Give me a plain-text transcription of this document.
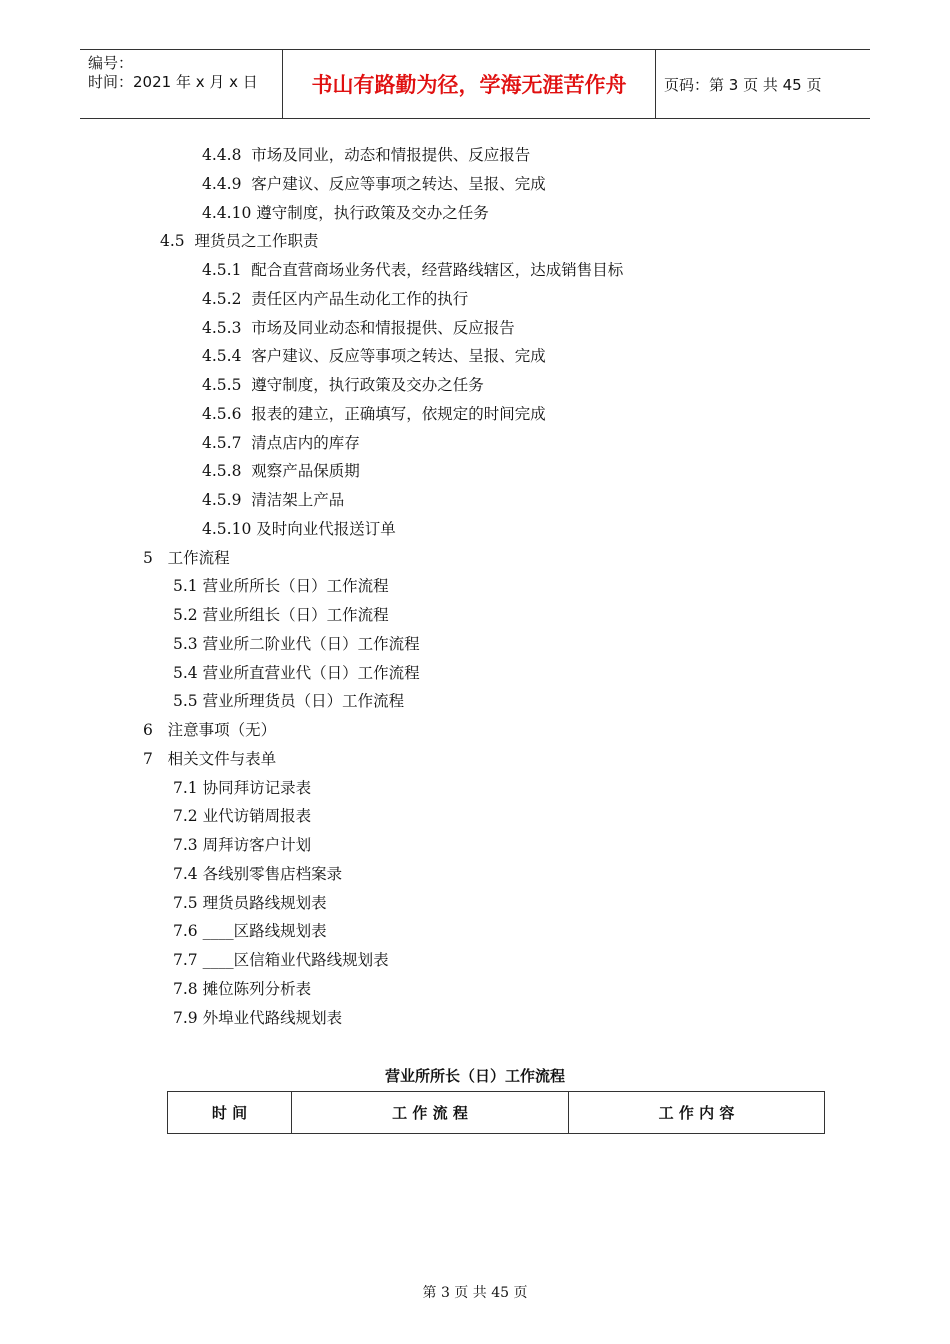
编号：
时间：2021 年 x 月 x 日	书山有路勤为径，学海无涯苦作舟	页码：第 3 页 共 45 页
4.4.8  市场及同业，动态和情报提供、反应报告
4.4.9  客户建议、反应等事项之转达、呈报、完成
4.4.10 遵守制度，执行政策及交办之任务
4.5  理货员之工作职责
4.5.1  配合直营商场业务代表，经营路线辖区，达成销售目标
4.5.2  责任区内产品生动化工作的执行
4.5.3  市场及同业动态和情报提供、反应报告
4.5.4  客户建议、反应等事项之转达、呈报、完成
4.5.5  遵守制度，执行政策及交办之任务
4.5.6  报表的建立，正确填写，依规定的时间完成
4.5.7  清点店内的库存
4.5.8  观察产品保质期
4.5.9  清洁架上产品
4.5.10 及时向业代报送订单
5   工作流程
5.1 营业所所长（日）工作流程
5.2 营业所组长（日）工作流程
5.3 营业所二阶业代（日）工作流程
5.4 营业所直营业代（日）工作流程
5.5 营业所理货员（日）工作流程
6   注意事项（无）
7   相关文件与表单
7.1 协同拜访记录表
7.2 业代访销周报表
7.3 周拜访客户计划
7.4 各线别零售店档案录
7.5 理货员路线规划表
7.6 ____区路线规划表
7.7 ____区信箱业代路线规划表
7.8 摊位陈列分析表
7.9 外埠业代路线规划表
营业所所长（日）工作流程
时 间	工 作 流 程	工 作 内 容
第 3 页 共 45 页
